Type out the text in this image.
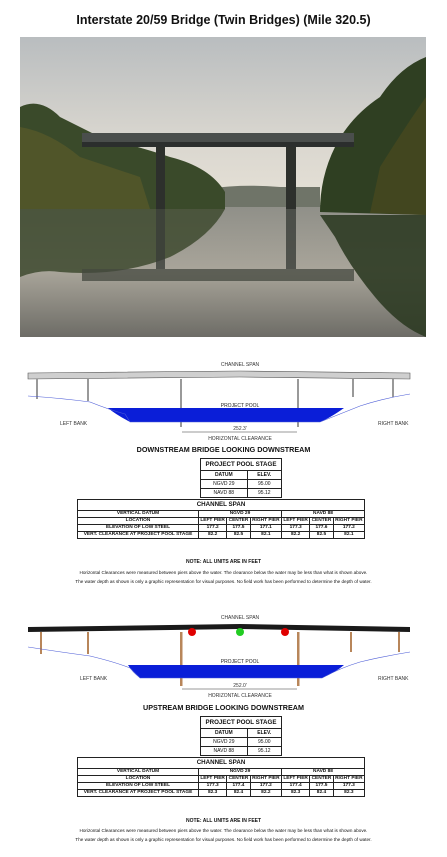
Interstate 20/59 Bridge (Twin Bridges) (Mile 320.5)
CHANNEL SPAN
PROJECT POOL
LEFT BANK	RIGHT BANK
252.3'
HORIZONTAL CLEARANCE
DOWNSTREAM BRIDGE LOOKING DOWNSTREAM
PROJECT POOL STAGE	
DATUM	ELEV.
NGVD 29	95.00
NAVD 88	95.12
CHANNEL SPAN						
VERTICAL DATUM	NGVD 29			NAVD 88		
LOCATION	LEFT PIER	CENTER	RIGHT PIER	LEFT PIER	CENTER	RIGHT PIER
ELEVATION OF LOW STEEL	177.2	177.5	177.1	177.3	177.6	177.2
VERT. CLEARANCE AT PROJECT POOL STAGE	82.2	82.5	82.1	82.2	82.5	82.1
NOTE: ALL UNITS ARE IN FEET
Horizontal Clearances were measured between piers above the water. The clearance below the water may be less than what is shown above.
The water depth as shown is only a graphic representation for visual purposes. No field work has been performed to determine the depth of water.
CHANNEL SPAN
PROJECT POOL
LEFT BANK	RIGHT BANK
252.0'
HORIZONTAL CLEARANCE
UPSTREAM BRIDGE LOOKING DOWNSTREAM
PROJECT POOL STAGE	
DATUM	ELEV.
NGVD 29	95.00
NAVD 88	95.12
CHANNEL SPAN						
VERTICAL DATUM	NGVD 29			NAVD 88		
LOCATION	LEFT PIER	CENTER	RIGHT PIER	LEFT PIER	CENTER	RIGHT PIER
ELEVATION OF LOW STEEL	177.3	177.4	177.2	177.4	177.5	177.3
VERT. CLEARANCE AT PROJECT POOL STAGE	82.3	82.4	82.2	82.3	82.4	82.3
NOTE: ALL UNITS ARE IN FEET
Horizontal Clearances were measured between piers above the water. The clearance below the water may be less than what is shown above.
The water depth as shown is only a graphic representation for visual purposes. No field work has been performed to determine the depth of water.
